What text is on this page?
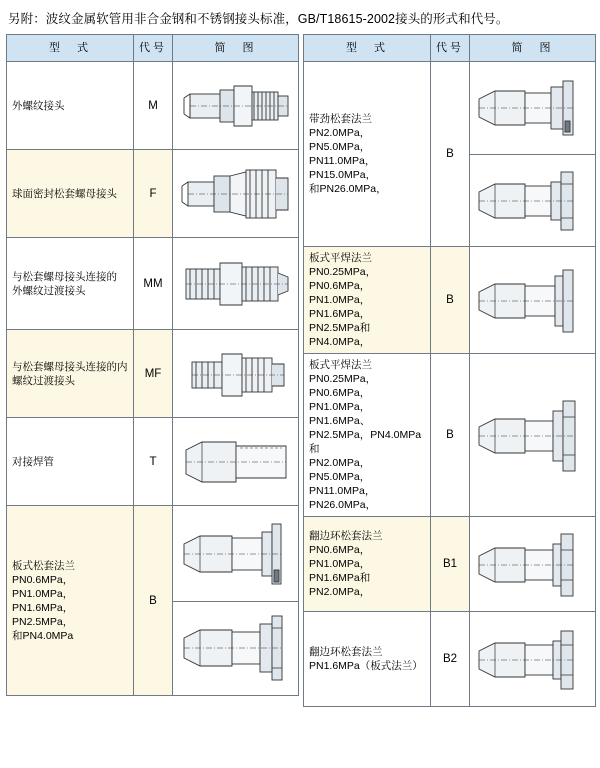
另附：波纹金属软管用非合金钢和不锈钢接头标准，GB/T18615-2002接头的形式和代号。
型　式	代号	简　图

外螺纹接头	M	

球面密封松套螺母接头	F	

与松套螺母接头连接的
外螺纹过渡接头	MM	

与松套螺母接头连接的内
螺纹过渡接头	MF	

对接焊管	T	

板式松套法兰
PN0.6MPa，PN1.0MPa，
PN1.6MPa，PN2.5MPa，
和PN4.0MPa	B	
型　式	代号	简　图

带劲松套法兰
PN2.0MPa，PN5.0MPa，
PN11.0MPa，PN15.0MPa，
和PN26.0MPa，	B	

板式平焊法兰
PN0.25MPa，PN0.6MPa，
PN1.0MPa，PN1.6MPa，
PN2.5MPa和PN4.0MPa，	B	

板式平焊法兰
PN0.25MPa，PN0.6MPa，
PN1.0MPa，PN1.6MPa、
PN2.5MPa，PN4.0MPa和
PN2.0MPa，PN5.0MPa，
PN11.0MPa，PN26.0MPa，
	B	

翻边环松套法兰
PN0.6MPa，PN1.0MPa，
PN1.6MPa和PN2.0MPa，	B1	

翻边环松套法兰
PN1.6MPa（板式法兰）	B2	
